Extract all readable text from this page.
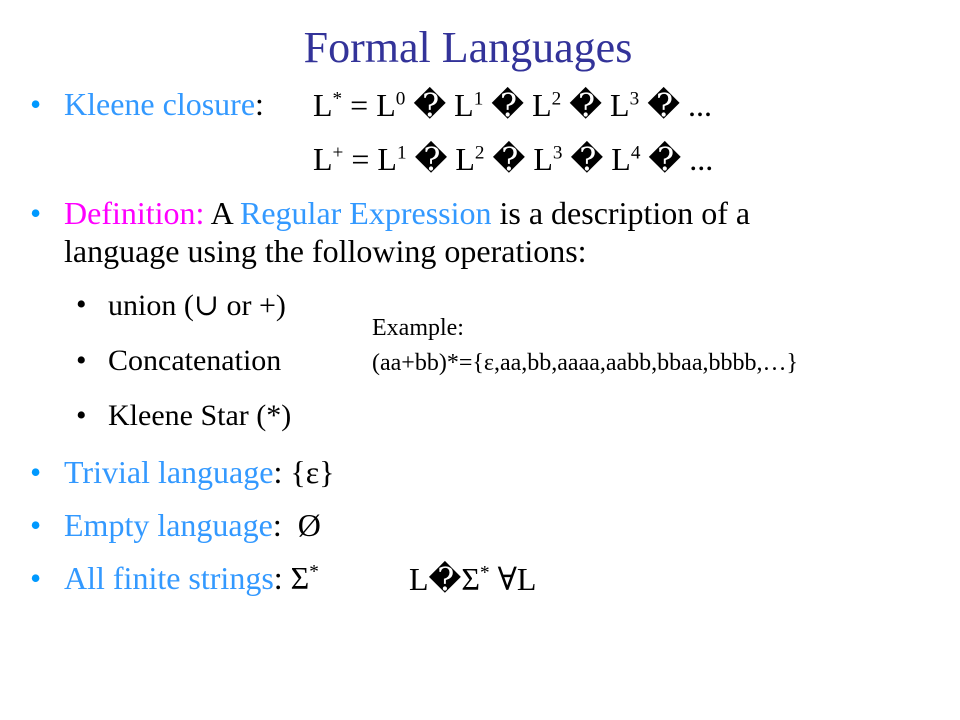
Formal Languages
• Kleene closure: $L^* = L^0$ � $L^1$ � $L^2$ � $L^3$ � ...
$L^+ = L^1$ � $L^2$ � $L^3$ � $L^4$ � ...
• Definition: A Regular Expression is a description of a
language using the following operations:
• union (∪ or +)
• Concatenation
• Kleene Star (*)
Example:
(aa+bb)*={ε,aa,bb,aaaa,aabb,bbaa,bbbb,…}
• Trivial language: {ε}
• Empty language: Ø
• All finite strings: Σ*	L�Σ* ∀L
